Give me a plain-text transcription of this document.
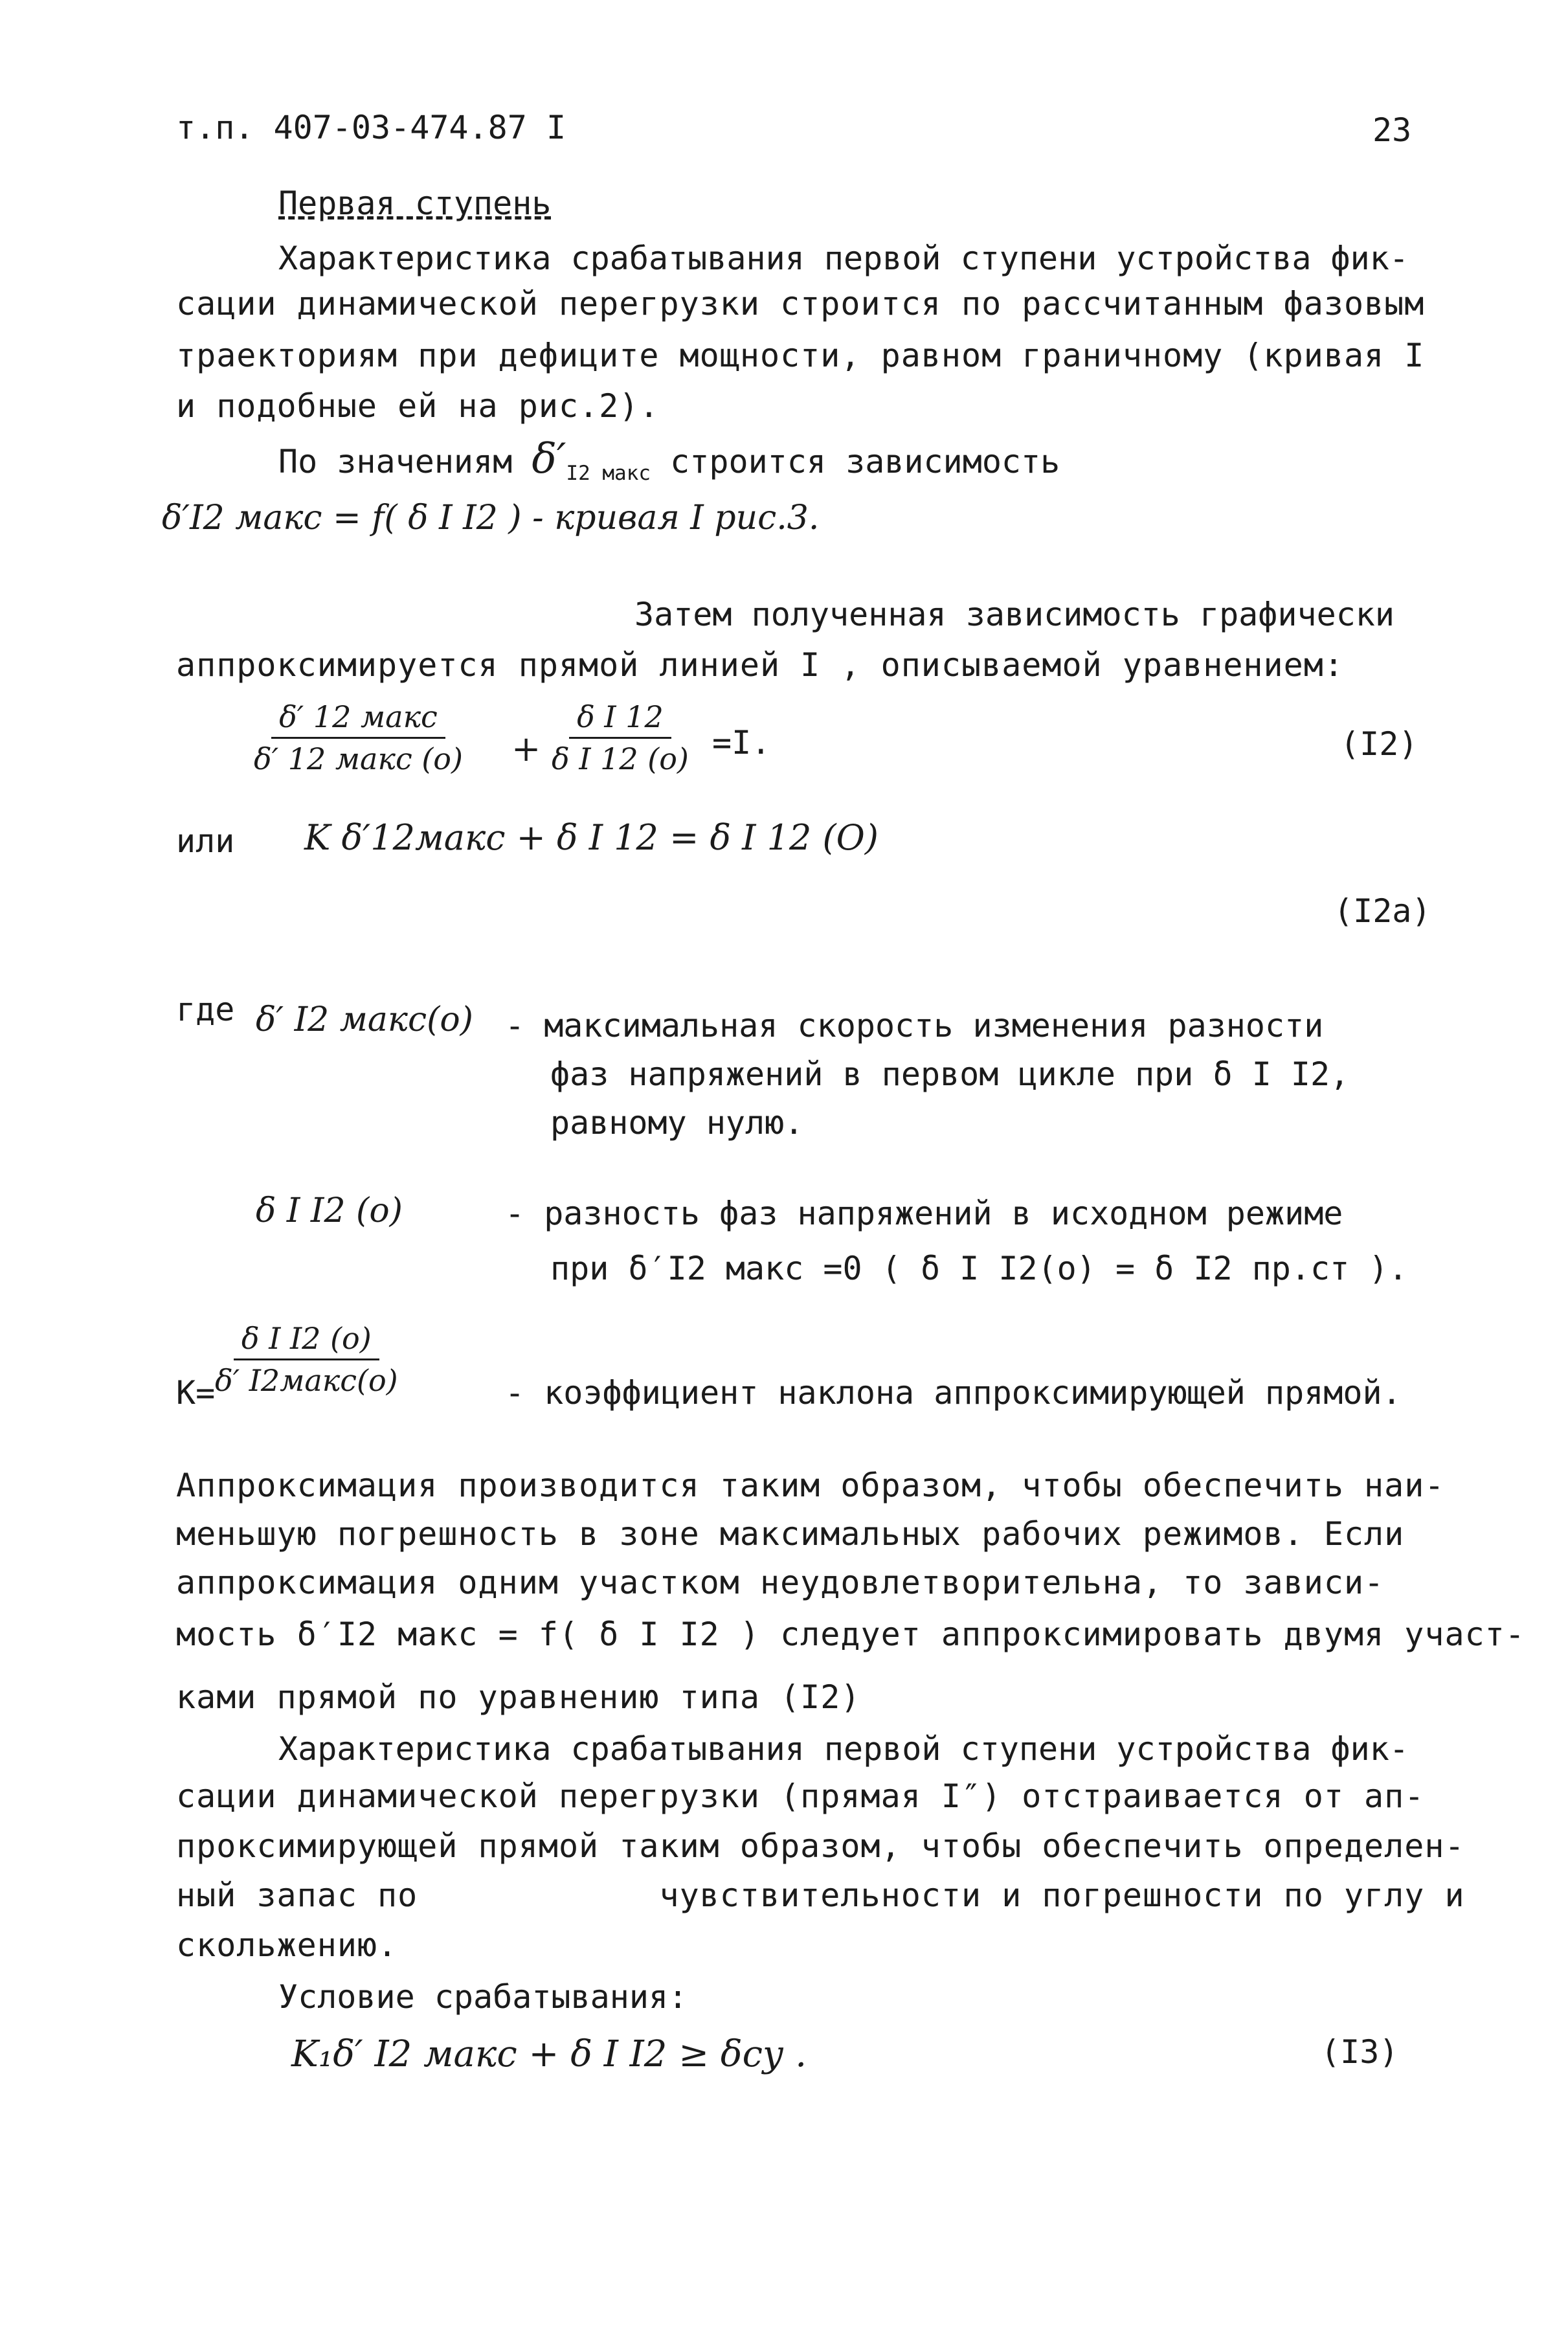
т.п. 407-03-474.87 I	23
Первая ступень
Характеристика срабатывания первой ступени устройства фик-
сации динамической перегрузки строится по рассчитанным фазовым
траекториям при дефиците мощности, равном граничному (кривая I
и подобные ей на рис.2).
По значениям $\delta'_{I2 макс}$ строится зависимость
δ′I2 макс = f( δ I I2 ) - кривая I рис.3.
Затем полученная зависимость графически
аппроксимируется прямой линией I , описываемой уравнением:
δ′ 12 макс
δ′ 12 макс (о) +
δ I 12
δ I 12 (о) =I.	(I2)
или K δ′12макс + δ I 12 = δ I 12 (О)
(I2a)
где δ′ I2 макс(о) - максимальная скорость изменения разности
фаз напряжений в первом цикле при δ I I2,
равному нулю.
δ I I2 (о)	- разность фаз напряжений в исходном режиме
при δ′I2 макс =0 ( δ I I2(о) = δ I2 пр.ст ).
K=
δ I I2 (о)
δ′ I2макс(о)	- коэффициент наклона аппроксимирующей прямой.
Аппроксимация производится таким образом, чтобы обеспечить наи-
меньшую погрешность в зоне максимальных рабочих режимов. Если
аппроксимация одним участком неудовлетворительна, то зависи-
мость δ′I2 макс = f( δ I I2 ) следует аппроксимировать двумя участ-
ками прямой по уравнению типа (I2)
Характеристика срабатывания первой ступени устройства фик-
сации динамической перегрузки (прямая I″) отстраивается от ап-
проксимирующей прямой таким образом, чтобы обеспечить определен-
ный запас по            чувствительности и погрешности по углу и
скольжению.
Условие срабатывания:
K₁δ′ I2 макс + δ I I2 ≥ δсу .	(I3)
